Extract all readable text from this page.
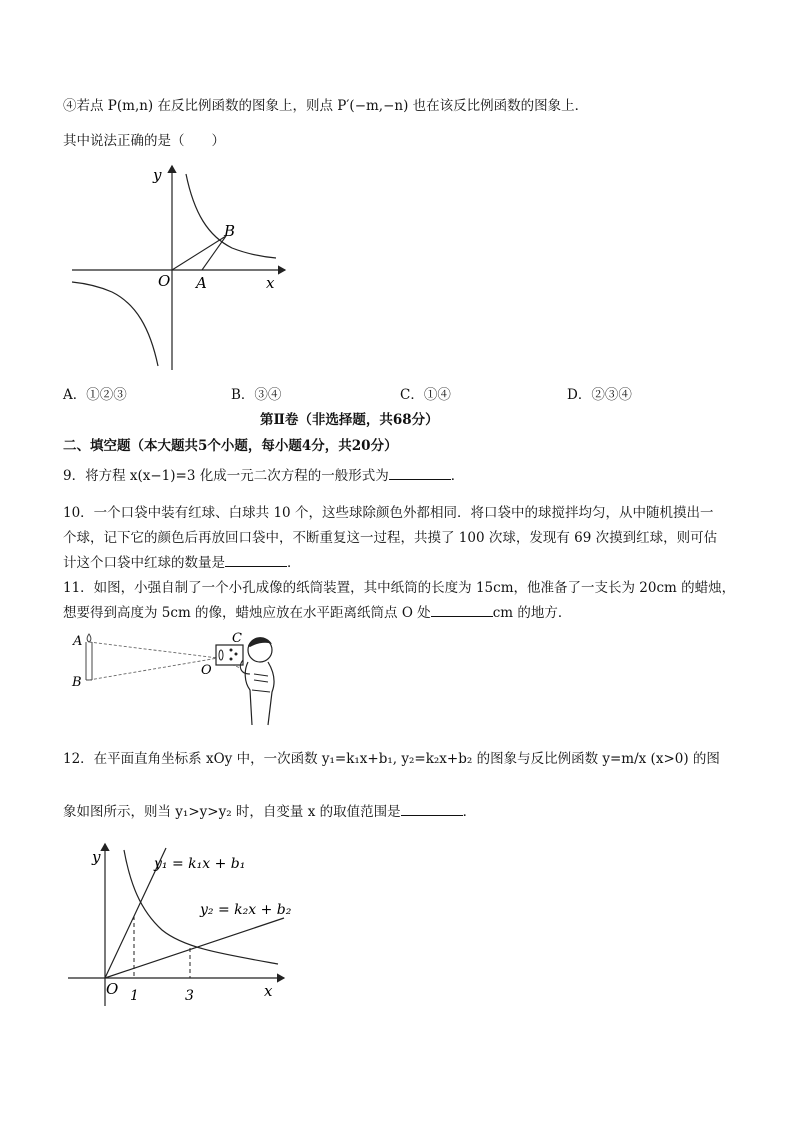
④若点 P(m,n) 在反比例函数的图象上，则点 P′(−m,−n) 也在该反比例函数的图象上．
其中说法正确的是（　　）
y
x
O A
B
A．①②③	B．③④	C．①④	D．②③④
第Ⅱ卷（非选择题，共68分）
二、填空题（本大题共5个小题，每小题4分，共20分）
9．将方程 x(x−1)=3 化成一元二次方程的一般形式为	．
10．一个口袋中装有红球、白球共 10 个，这些球除颜色外都相同．将口袋中的球搅拌均匀，从中随机摸出一
个球，记下它的颜色后再放回口袋中，不断重复这一过程，共摸了 100 次球，发现有 69 次摸到红球，则可估
计这个口袋中红球的数量是	．
11．如图，小强自制了一个小孔成像的纸筒装置，其中纸筒的长度为 15cm，他准备了一支长为 20cm 的蜡烛，
想要得到高度为 5cm 的像，蜡烛应放在水平距离纸筒点 O 处	cm 的地方．
A
B
C
O
12．在平面直角坐标系 xOy 中，一次函数 y₁=k₁x+b₁, y₂=k₂x+b₂ 的图象与反比例函数 y=m/x (x>0) 的图
象如图所示，则当 y₁>y>y₂ 时，自变量 x 的取值范围是	．
y
x
O 1	3
y₁ = k₁x + b₁
y₂ = k₂x + b₂
